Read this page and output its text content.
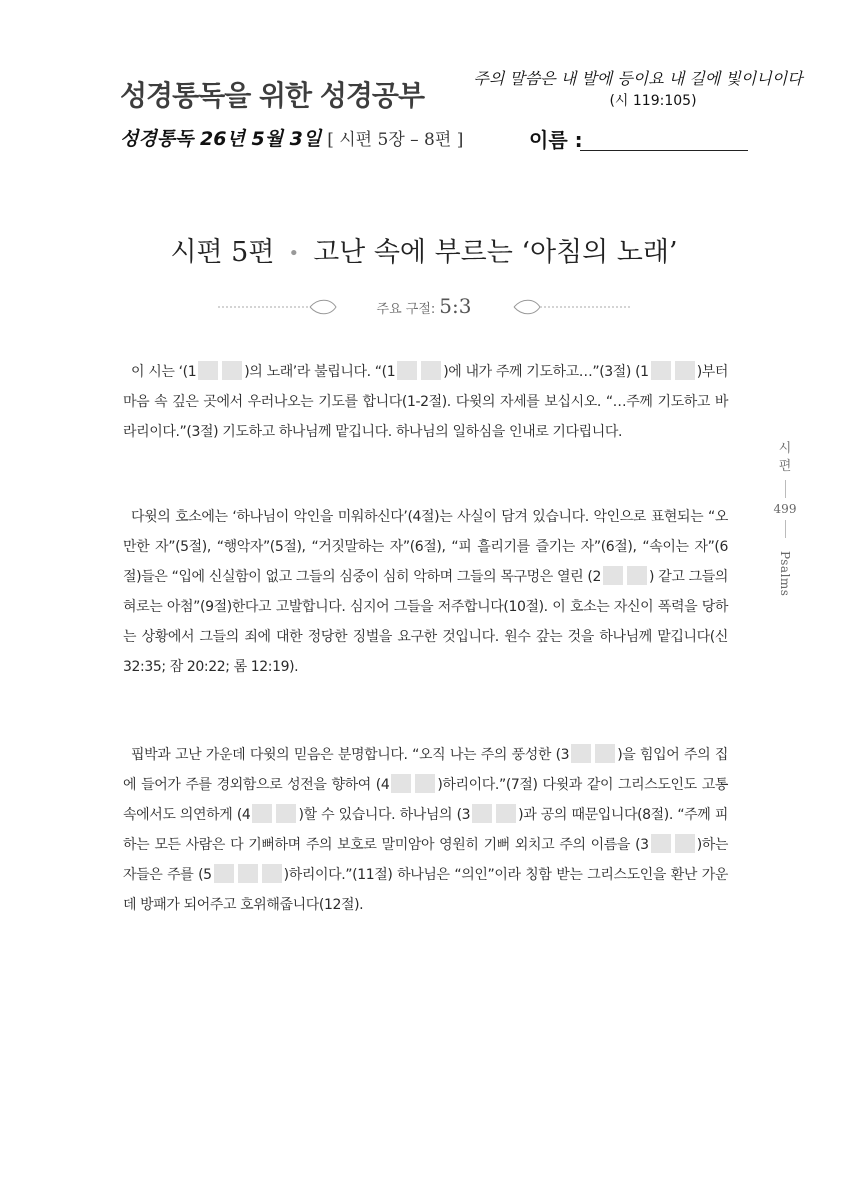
성경통독을 위한 성경공부
주의 말씀은 내 발에 등이요 내 길에 빛이니이다
(시 119:105)
성경통독 26년 5월 3일 [ 시편 5장 – 8편 ]	이름 :
시편 5편 • 고난 속에 부르는 ‘아침의 노래’
주요 구절: 5:3
이 시는 ‘(1	)의 노래’라 불립니다. “(1	)에 내가 주께 기도하고…”(3절) (1	)부터 마음 속 깊은 곳에서 우러나오는 기도를 합니다(1-2절). 다윗의 자세를 보십시오. “…주께 기도하고 바라리이다.”(3절) 기도하고 하나님께 맡깁니다. 하나님의 일하심을 인내로 기다립니다.
다윗의 호소에는 ‘하나님이 악인을 미워하신다’(4절)는 사실이 담겨 있습니다. 악인으로 표현되는 “오만한 자”(5절), “행악자”(5절), “거짓말하는 자”(6절), “피 흘리기를 즐기는 자”(6절), “속이는 자”(6절)들은 “입에 신실함이 없고 그들의 심중이 심히 악하며 그들의 목구멍은 열린 (2	) 같고 그들의 혀로는 아첨”(9절)한다고 고발합니다. 심지어 그들을 저주합니다(10절). 이 호소는 자신이 폭력을 당하는 상황에서 그들의 죄에 대한 정당한 징벌을 요구한 것입니다. 원수 갚는 것을 하나님께 맡깁니다(신 32:35; 잠 20:22; 롬 12:19).
핍박과 고난 가운데 다윗의 믿음은 분명합니다. “오직 나는 주의 풍성한 (3	)을 힘입어 주의 집에 들어가 주를 경외함으로 성전을 향하여 (4	)하리이다.”(7절) 다윗과 같이 그리스도인도 고통 속에서도 의연하게 (4	)할 수 있습니다. 하나님의 (3	)과 공의 때문입니다(8절). “주께 피하는 모든 사람은 다 기뻐하며 주의 보호로 말미암아 영원히 기뻐 외치고 주의 이름을 (3	)하는 자들은 주를 (5	)하리이다.”(11절) 하나님은 “의인”이라 칭함 받는 그리스도인을 환난 가운데 방패가 되어주고 호위해줍니다(12절).
시
편
499
Psalms
